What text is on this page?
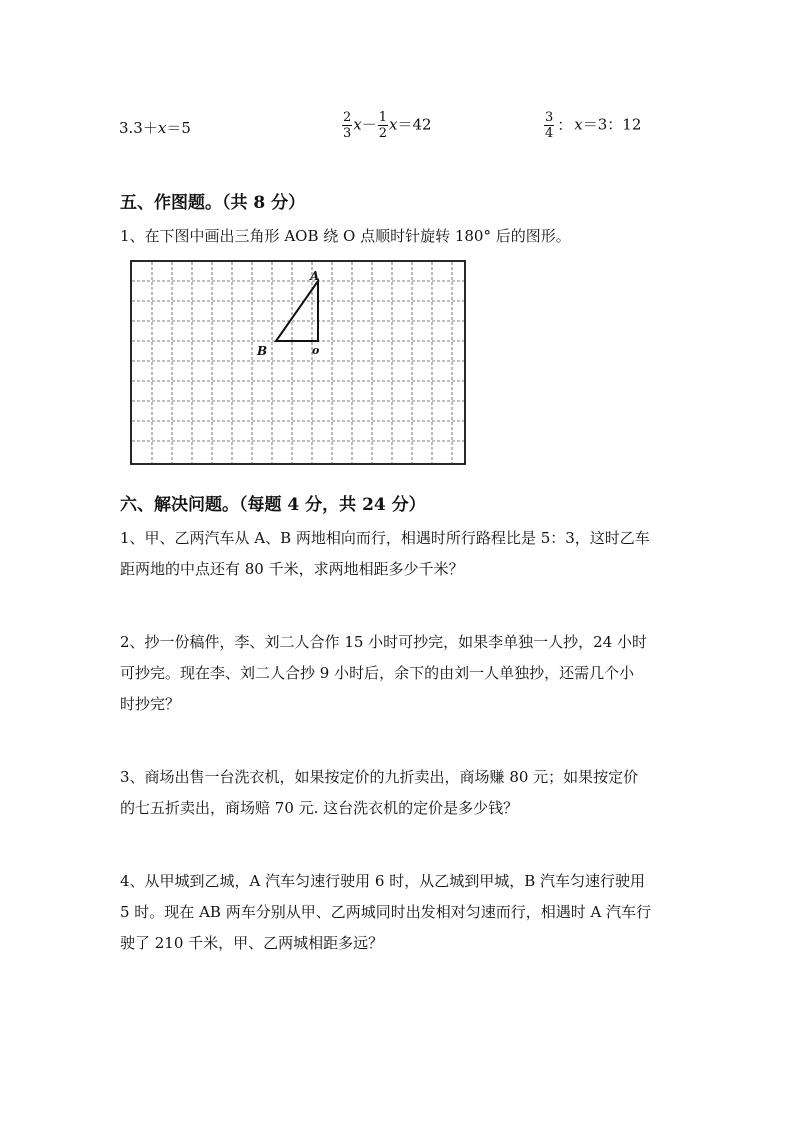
3.3＋x＝5	$\frac{2}{3} x- \frac{1}{2} x=42$	$\frac{3}{4}$ ： x＝3：12
五、作图题。（共 8 分）
1、在下图中画出三角形 AOB 绕 O 点顺时针旋转 180° 后的图形。
A
B	o
六、解决问题。（每题 4 分，共 24 分）
1、甲、乙两汽车从 A、B 两地相向而行，相遇时所行路程比是 5：3，这时乙车
距两地的中点还有 80 千米，求两地相距多少千米？
2、抄一份稿件，李、刘二人合作 15 小时可抄完，如果李单独一人抄，24 小时
可抄完。现在李、刘二人合抄 9 小时后，余下的由刘一人单独抄，还需几个小
时抄完？
3、商场出售一台洗衣机，如果按定价的九折卖出，商场赚 80 元；如果按定价
的七五折卖出，商场赔 70 元. 这台洗衣机的定价是多少钱？
4、从甲城到乙城，A 汽车匀速行驶用 6 时，从乙城到甲城，B 汽车匀速行驶用
5 时。现在 AB 两车分别从甲、乙两城同时出发相对匀速而行，相遇时 A 汽车行
驶了 210 千米，甲、乙两城相距多远？
